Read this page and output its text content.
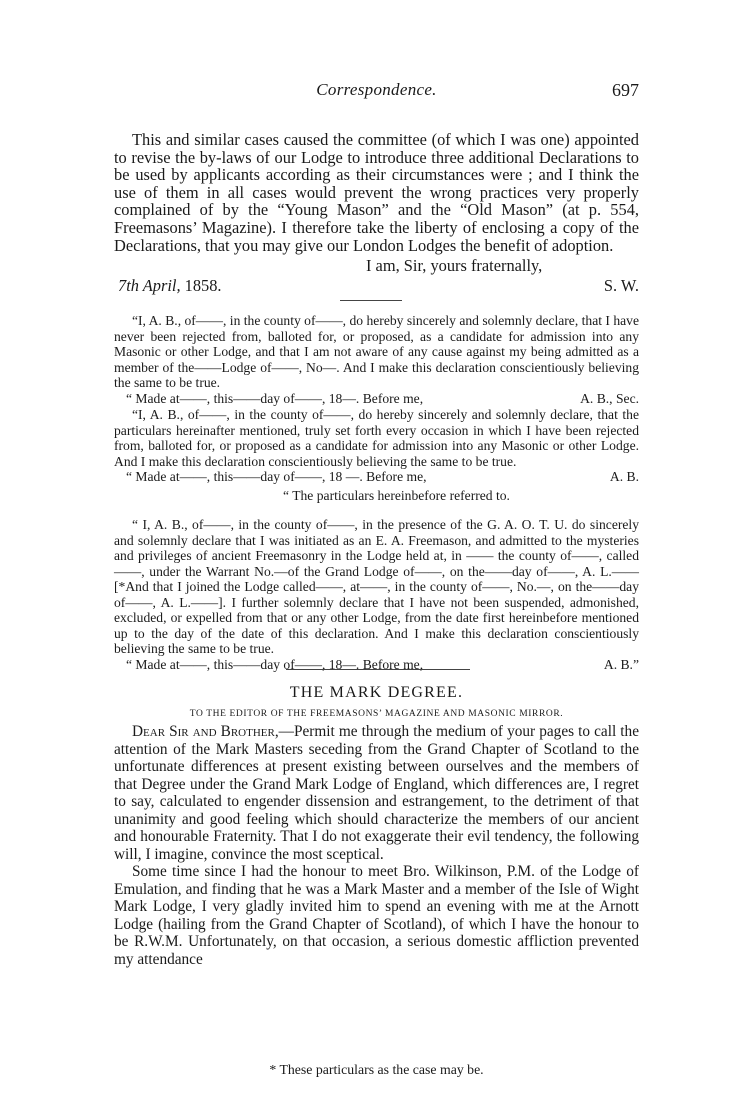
Correspondence.	697

This and similar cases caused the committee (of which I was one) appointed to revise the by-laws of our Lodge to introduce three additional Declarations to be used by applicants according as their circumstances were ; and I think the use of them in all cases would prevent the wrong practices very properly complained of by the “Young Mason” and the “Old Mason” (at p. 554, Freemasons’ Magazine). I therefore take the liberty of enclosing a copy of the Declarations, that you may give our London Lodges the benefit of adoption.

I am, Sir, yours fraternally,
7th April, 1858.	S. W.

“I, A. B., of——, in the county of——, do hereby sincerely and solemnly declare, that I have never been rejected from, balloted for, or proposed, as a candidate for admission into any Masonic or other Lodge, and that I am not aware of any cause against my being admitted as a member of the——Lodge of——, No—. And I make this declaration conscientiously believing the same to be true.

“ Made at——, this——day of——, 18—. Before me,	A. B., Sec.

“I, A. B., of——, in the county of——, do hereby sincerely and solemnly declare, that the particulars hereinafter mentioned, truly set forth every occasion in which I have been rejected from, balloted for, or proposed as a candidate for admission into any Masonic or other Lodge. And I make this declaration conscientiously believing the same to be true.

“ Made at——, this——day of——, 18 —. Before me,	A. B.
“ The particulars hereinbefore referred to.

“ I, A. B., of——, in the county of——, in the presence of the G. A. O. T. U. do sincerely and solemnly declare that I was initiated as an E. A. Freemason, and admitted to the mysteries and privileges of ancient Freemasonry in the Lodge held at, in —— the county of——, called——, under the Warrant No.—of the Grand Lodge of——, on the——day of——, A. L.——[*And that I joined the Lodge called——, at——, in the county of——, No.—, on the——day of——, A. L.——]. I further solemnly declare that I have not been suspended, admonished, excluded, or expelled from that or any other Lodge, from the date first hereinbefore mentioned up to the day of the date of this declaration. And I make this declaration conscientiously believing the same to be true.

“ Made at——, this——day of——, 18—. Before me,	A. B.”
THE MARK DEGREE.
TO THE EDITOR OF THE FREEMASONS’ MAGAZINE AND MASONIC MIRROR.

Dear Sir and Brother,—Permit me through the medium of your pages to call the attention of the Mark Masters seceding from the Grand Chapter of Scotland to the unfortunate differences at present existing between ourselves and the members of that Degree under the Grand Mark Lodge of England, which differences are, I regret to say, calculated to engender dissension and estrangement, to the detriment of that unanimity and good feeling which should characterize the members of our ancient and honourable Fraternity. That I do not exaggerate their evil tendency, the following will, I imagine, convince the most sceptical.

Some time since I had the honour to meet Bro. Wilkinson, P.M. of the Lodge of Emulation, and finding that he was a Mark Master and a member of the Isle of Wight Mark Lodge, I very gladly invited him to spend an evening with me at the Arnott Lodge (hailing from the Grand Chapter of Scotland), of which I have the honour to be R.W.M. Unfortunately, on that occasion, a serious domestic affliction prevented my attendance

* These particulars as the case may be.
